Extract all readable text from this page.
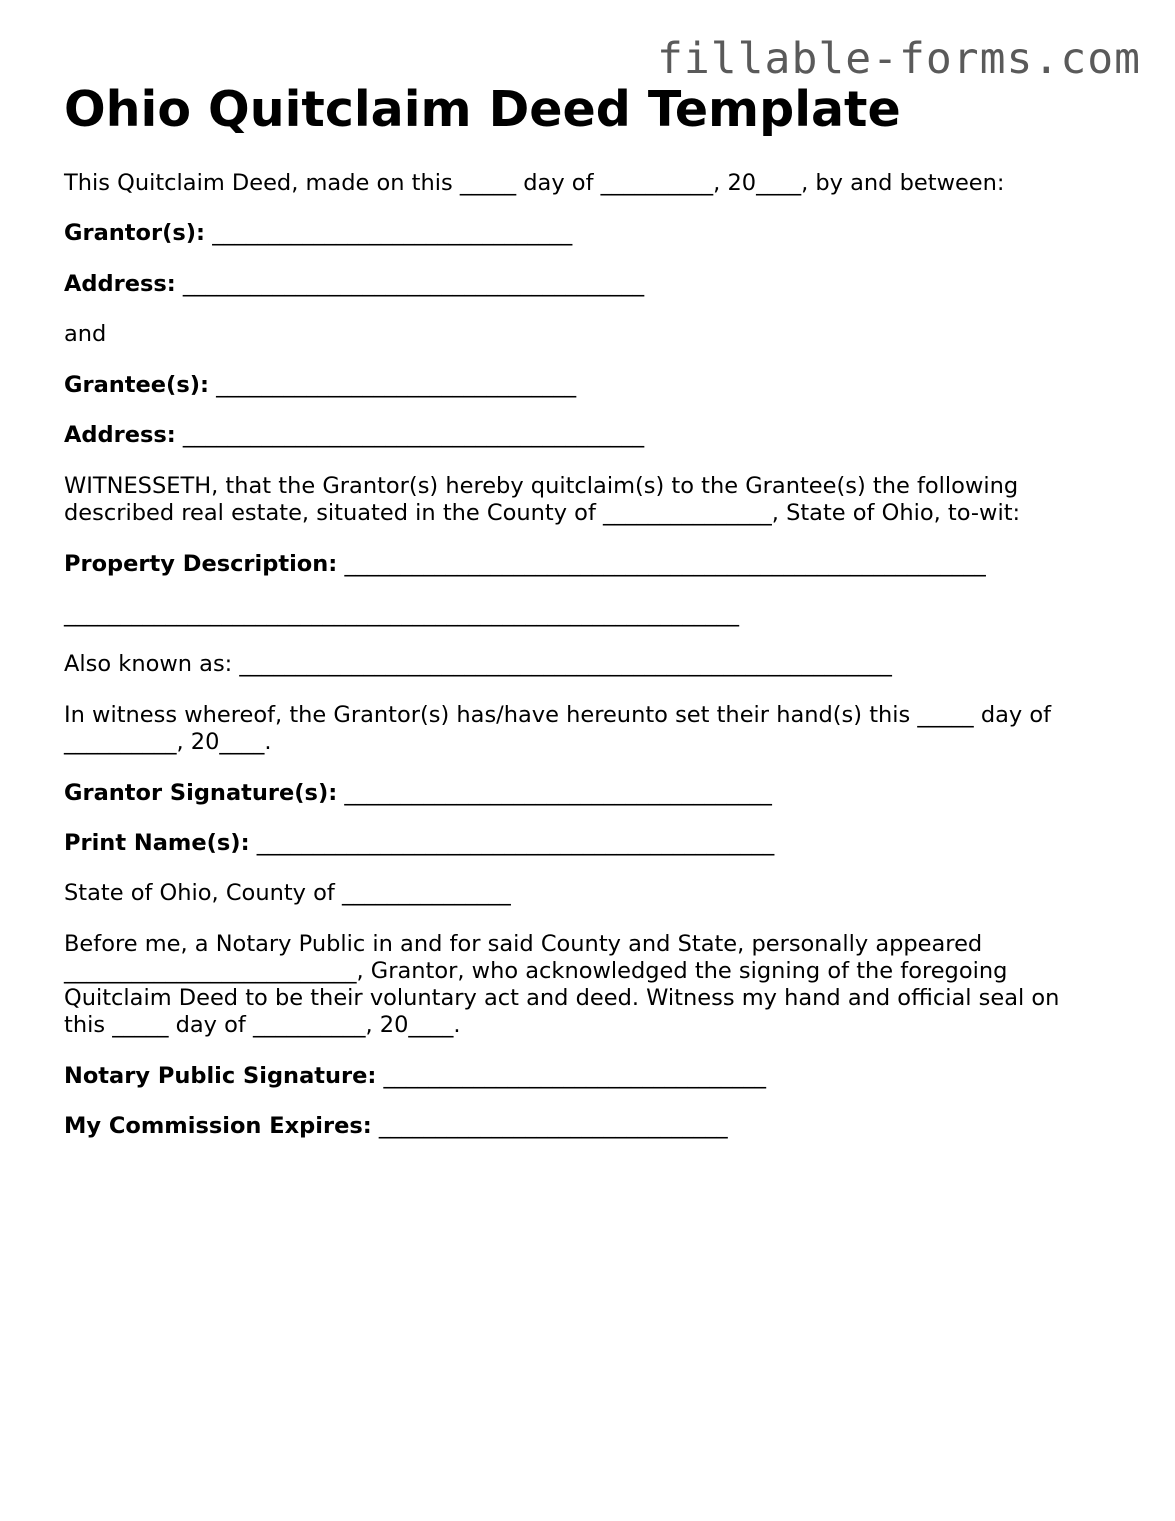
fillable-forms.com
Ohio Quitclaim Deed Template
This Quitclaim Deed, made on this _____ day of __________, 20____, by and between:
Grantor(s): ________________________________
Address: _________________________________________
and
Grantee(s): ________________________________
Address: _________________________________________
WITNESSETH, that the Grantor(s) hereby quitclaim(s) to the Grantee(s) the following
described real estate, situated in the County of _______________, State of Ohio, to-wit:
Property Description: _________________________________________________________
____________________________________________________________
Also known as: __________________________________________________________
In witness whereof, the Grantor(s) has/have hereunto set their hand(s) this _____ day of
__________, 20____.
Grantor Signature(s): ______________________________________
Print Name(s): ______________________________________________
State of Ohio, County of _______________
Before me, a Notary Public in and for said County and State, personally appeared
__________________________, Grantor, who acknowledged the signing of the foregoing
Quitclaim Deed to be their voluntary act and deed. Witness my hand and official seal on
this _____ day of __________, 20____.
Notary Public Signature: __________________________________
My Commission Expires: _______________________________
